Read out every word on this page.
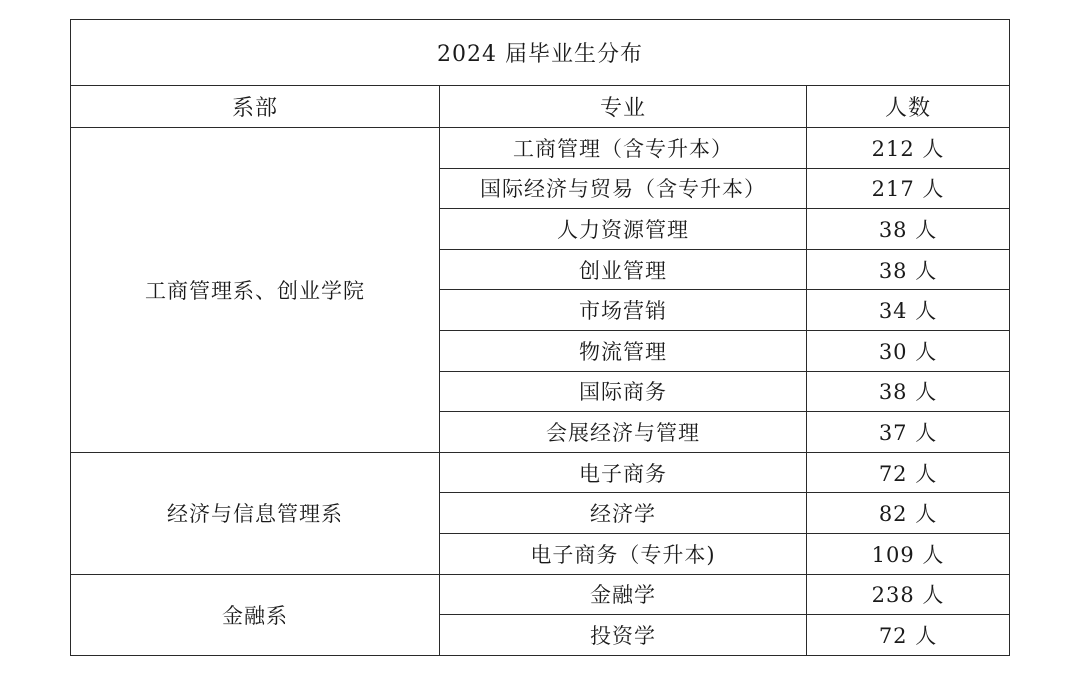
2024 届毕业生分布		
系部	专业	人数
工商管理系、创业学院	工商管理（含专升本）	212 人
	国际经济与贸易（含专升本）	217 人
	人力资源管理	38 人
	创业管理	38 人
	市场营销	34 人
	物流管理	30 人
	国际商务	38 人
	会展经济与管理	37 人
经济与信息管理系	电子商务	72 人
	经济学	82 人
	电子商务（专升本)	109 人
金融系	金融学	238 人
	投资学	72 人
